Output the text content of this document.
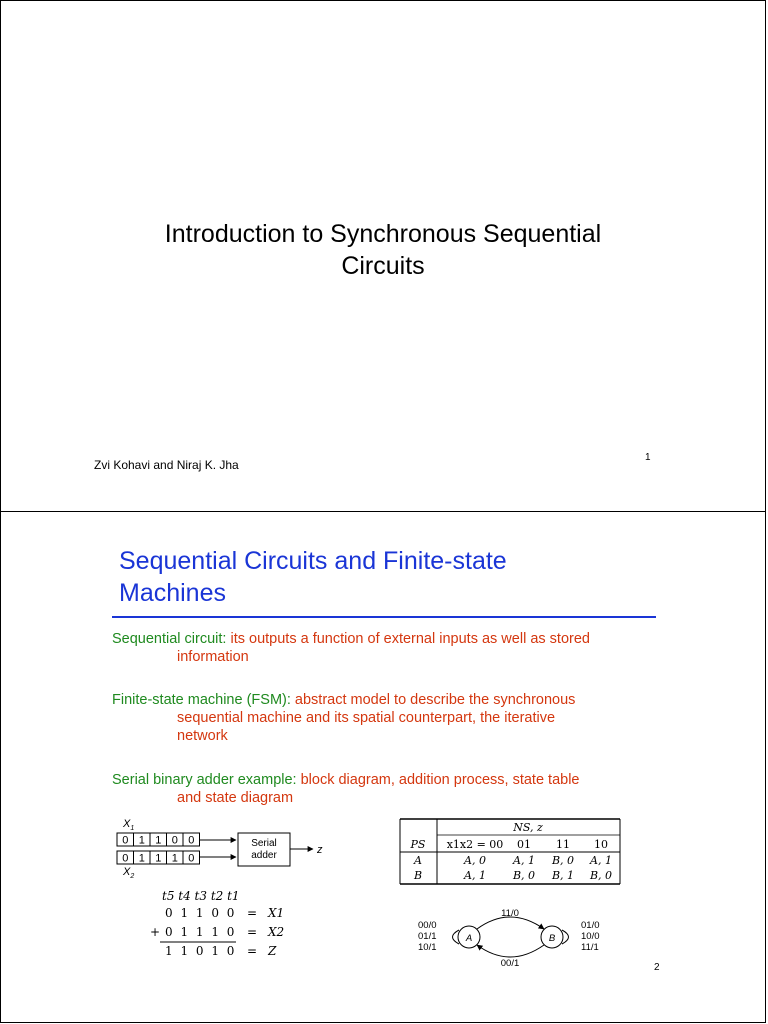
Introduction to Synchronous Sequential
Circuits
1
Zvi Kohavi and Niraj K. Jha
Sequential Circuits and Finite-state
Machines
Sequential circuit: its outputs a function of external inputs as well as stored
information
Finite-state machine (FSM): abstract model to describe the synchronous
sequential machine and its spatial counterpart, the iterative
network
Serial binary adder example: block diagram, addition process, state table
and state diagram
2
$X_1$
0 1 1 0 0
0 1 1 1 0
$X_2$
Serial
adder	z
t5 t4 t3 t2 t1
0 1 1 0 0 = X1
+ 0 1 1 1 0 = X2
1 1 0 1 0 = Z
NS, z
PS x1x2 = 00 01 11 10
A	A, 0 A, 1 B, 0 A, 1
B	A, 1 B, 0 B, 1 B, 0
A	B
11/0
00/1
00/0
01/1
10/1
01/0
10/0
11/1
